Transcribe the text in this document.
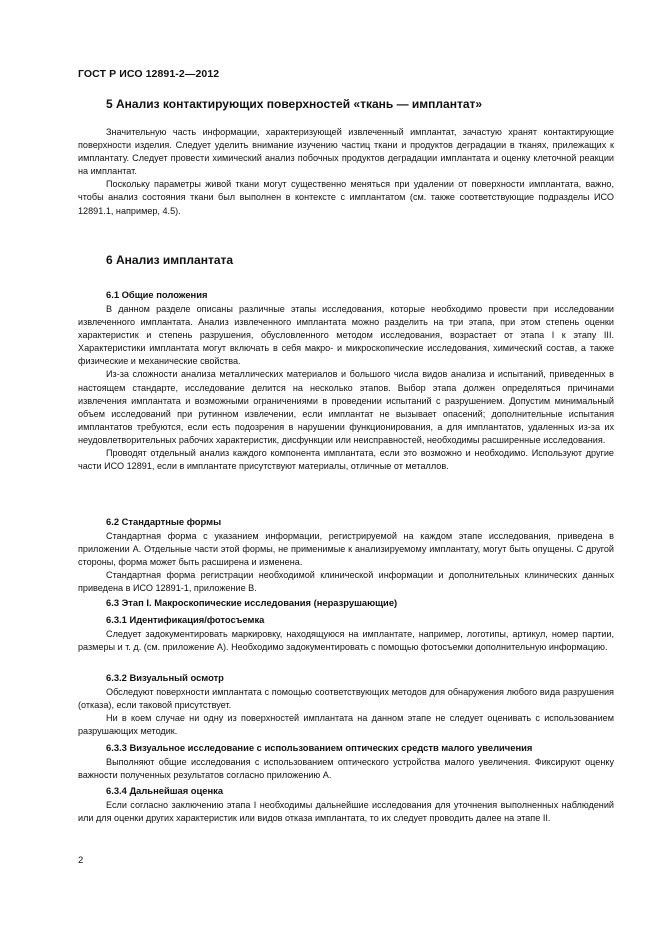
ГОСТ Р ИСО 12891-2—2012
5 Анализ контактирующих поверхностей «ткань — имплантат»

Значительную часть информации, характеризующей извлеченный имплантат, зачастую хранят контактирующие поверхности изделия. Следует уделить внимание изучению частиц ткани и продуктов деградации в тканях, прилежащих к имплантату. Следует провести химический анализ побочных продуктов деградации имплантата и оценку клеточной реакции на имплантат.

Поскольку параметры живой ткани могут существенно меняться при удалении от поверхности имплантата, важно, чтобы анализ состояния ткани был выполнен в контексте с имплантатом (см. также соответствующие подразделы ИСО 12891.1, например, 4.5).

6 Анализ имплантата
6.1 Общие положения

В данном разделе описаны различные этапы исследования, которые необходимо провести при исследовании извлеченного имплантата. Анализ извлеченного имплантата можно разделить на три этапа, при этом степень оценки характеристик и степень разрушения, обусловленного методом исследования, возрастает от этапа I к этапу III. Характеристики имплантата могут включать в себя макро- и микроскопические исследования, химический состав, а также физические и механические свойства.

Из-за сложности анализа металлических материалов и большого числа видов анализа и испытаний, приведенных в настоящем стандарте, исследование делится на несколько этапов. Выбор этапа должен определяться причинами извлечения имплантата и возможными ограничениями в проведении испытаний с разрушением. Допустим минимальный объем исследований при рутинном извлечении, если имплантат не вызывает опасений; дополнительные испытания имплантатов требуются, если есть подозрения в нарушении функционирования, а для имплантатов, удаленных из-за их неудовлетворительных рабочих характеристик, дисфункции или неисправностей, необходимы расширенные исследования.

Проводят отдельный анализ каждого компонента имплантата, если это возможно и необходимо. Используют другие части ИСО 12891, если в имплантате присутствуют материалы, отличные от металлов.

6.2 Стандартные формы

Стандартная форма с указанием информации, регистрируемой на каждом этапе исследования, приведена в приложении А. Отдельные части этой формы, не применимые к анализируемому имплантату, могут быть опущены. С другой стороны, форма может быть расширена и изменена.

Стандартная форма регистрации необходимой клинической информации и дополнительных клинических данных приведена в ИСО 12891-1, приложение В.

6.3 Этап I. Макроскопические исследования (неразрушающие)
6.3.1 Идентификация/фотосъемка

Следует задокументировать маркировку, находящуюся на имплантате, например, логотипы, артикул, номер партии, размеры и т. д. (см. приложение А). Необходимо задокументировать с помощью фотосъемки дополнительную информацию.

6.3.2 Визуальный осмотр

Обследуют поверхности имплантата с помощью соответствующих методов для обнаружения любого вида разрушения (отказа), если таковой присутствует.

Ни в коем случае ни одну из поверхностей имплантата на данном этапе не следует оценивать с использованием разрушающих методик.

6.3.3 Визуальное исследование с использованием оптических средств малого увеличения

Выполняют общие исследования с использованием оптического устройства малого увеличения. Фиксируют оценку важности полученных результатов согласно приложению А.

6.3.4 Дальнейшая оценка

Если согласно заключению этапа I необходимы дальнейшие исследования для уточнения выполненных наблюдений или для оценки других характеристик или видов отказа имплантата, то их следует проводить далее на этапе II.

2
